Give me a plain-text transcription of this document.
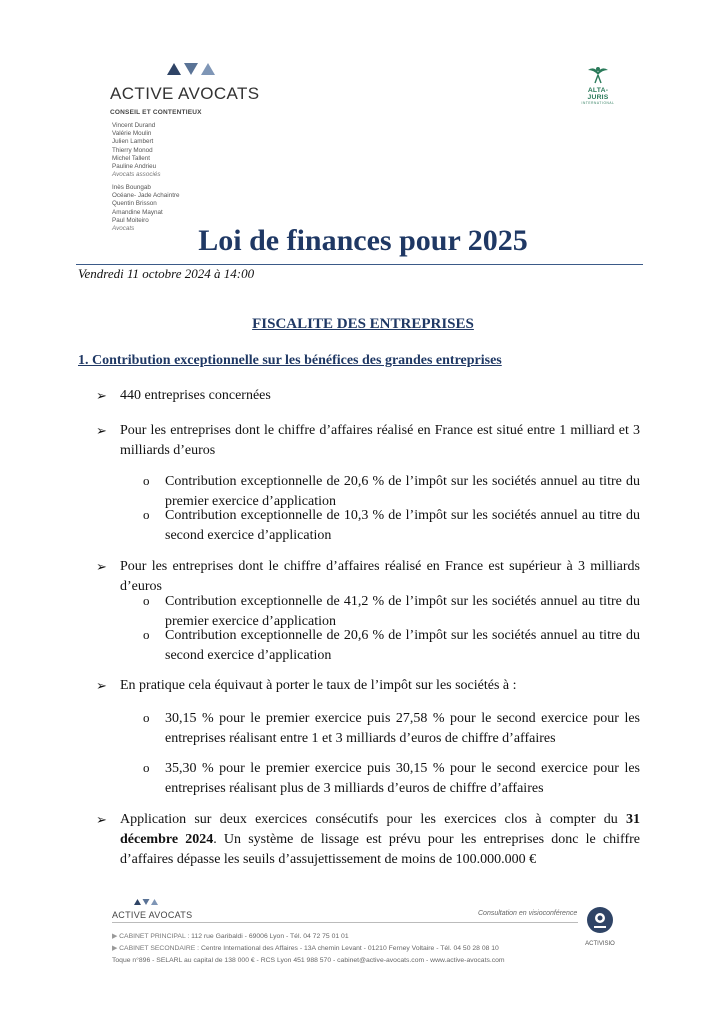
ACTIVE AVOCATS
CONSEIL ET CONTENTIEUX
Vincent Durand
Valérie Moulin
Julien Lambert
Thierry Monod
Michel Tallent
Pauline Andrieu
Avocats associés
Inès Boungab
Océane- Jade Achaintre
Quentin Brisson
Amandine Maynat
Paul Moiteiro
Avocats
ALTA-JURIS
INTERNATIONAL
Loi de finances pour 2025
Vendredi 11 octobre 2024 à 14:00
FISCALITE DES ENTREPRISES
1. Contribution exceptionnelle sur les bénéfices des grandes entreprises
➢ 440 entreprises concernées
➢ Pour les entreprises dont le chiffre d’affaires réalisé en France est situé entre 1 milliard et 3 milliards d’euros
o Contribution exceptionnelle de 20,6 % de l’impôt sur les sociétés annuel au titre du premier exercice d’application
o Contribution exceptionnelle de 10,3 % de l’impôt sur les sociétés annuel au titre du second exercice d’application
➢ Pour les entreprises dont le chiffre d’affaires réalisé en France est supérieur à 3 milliards d’euros
o Contribution exceptionnelle de 41,2 % de l’impôt sur les sociétés annuel au titre du premier exercice d’application
o Contribution exceptionnelle de 20,6 % de l’impôt sur les sociétés annuel au titre du second exercice d’application
➢ En pratique cela équivaut à porter le taux de l’impôt sur les sociétés à :
o 30,15 % pour le premier exercice puis 27,58 % pour le second exercice pour les entreprises réalisant entre 1 et 3 milliards d’euros de chiffre d’affaires
o 35,30 % pour le premier exercice puis 30,15 % pour le second exercice pour les entreprises réalisant plus de 3 milliards d’euros de chiffre d’affaires
➢ Application sur deux exercices consécutifs pour les exercices clos à compter du 31 décembre 2024. Un système de lissage est prévu pour les entreprises donc le chiffre d’affaires dépasse les seuils d’assujettissement de moins de 100.000.000 €
ACTIVE AVOCATS	Consultation en visioconférence
▶ CABINET PRINCIPAL : 112 rue Garibaldi - 69006 Lyon - Tél. 04 72 75 01 01
▶ CABINET SECONDAIRE : Centre International des Affaires - 13A chemin Levant - 01210 Ferney Voltaire - Tél. 04 50 28 08 10
Toque n°896 - SELARL au capital de 138 000 € - RCS Lyon 451 988 570 - cabinet@active-avocats.com - www.active-avocats.com
ACTIVISIO
